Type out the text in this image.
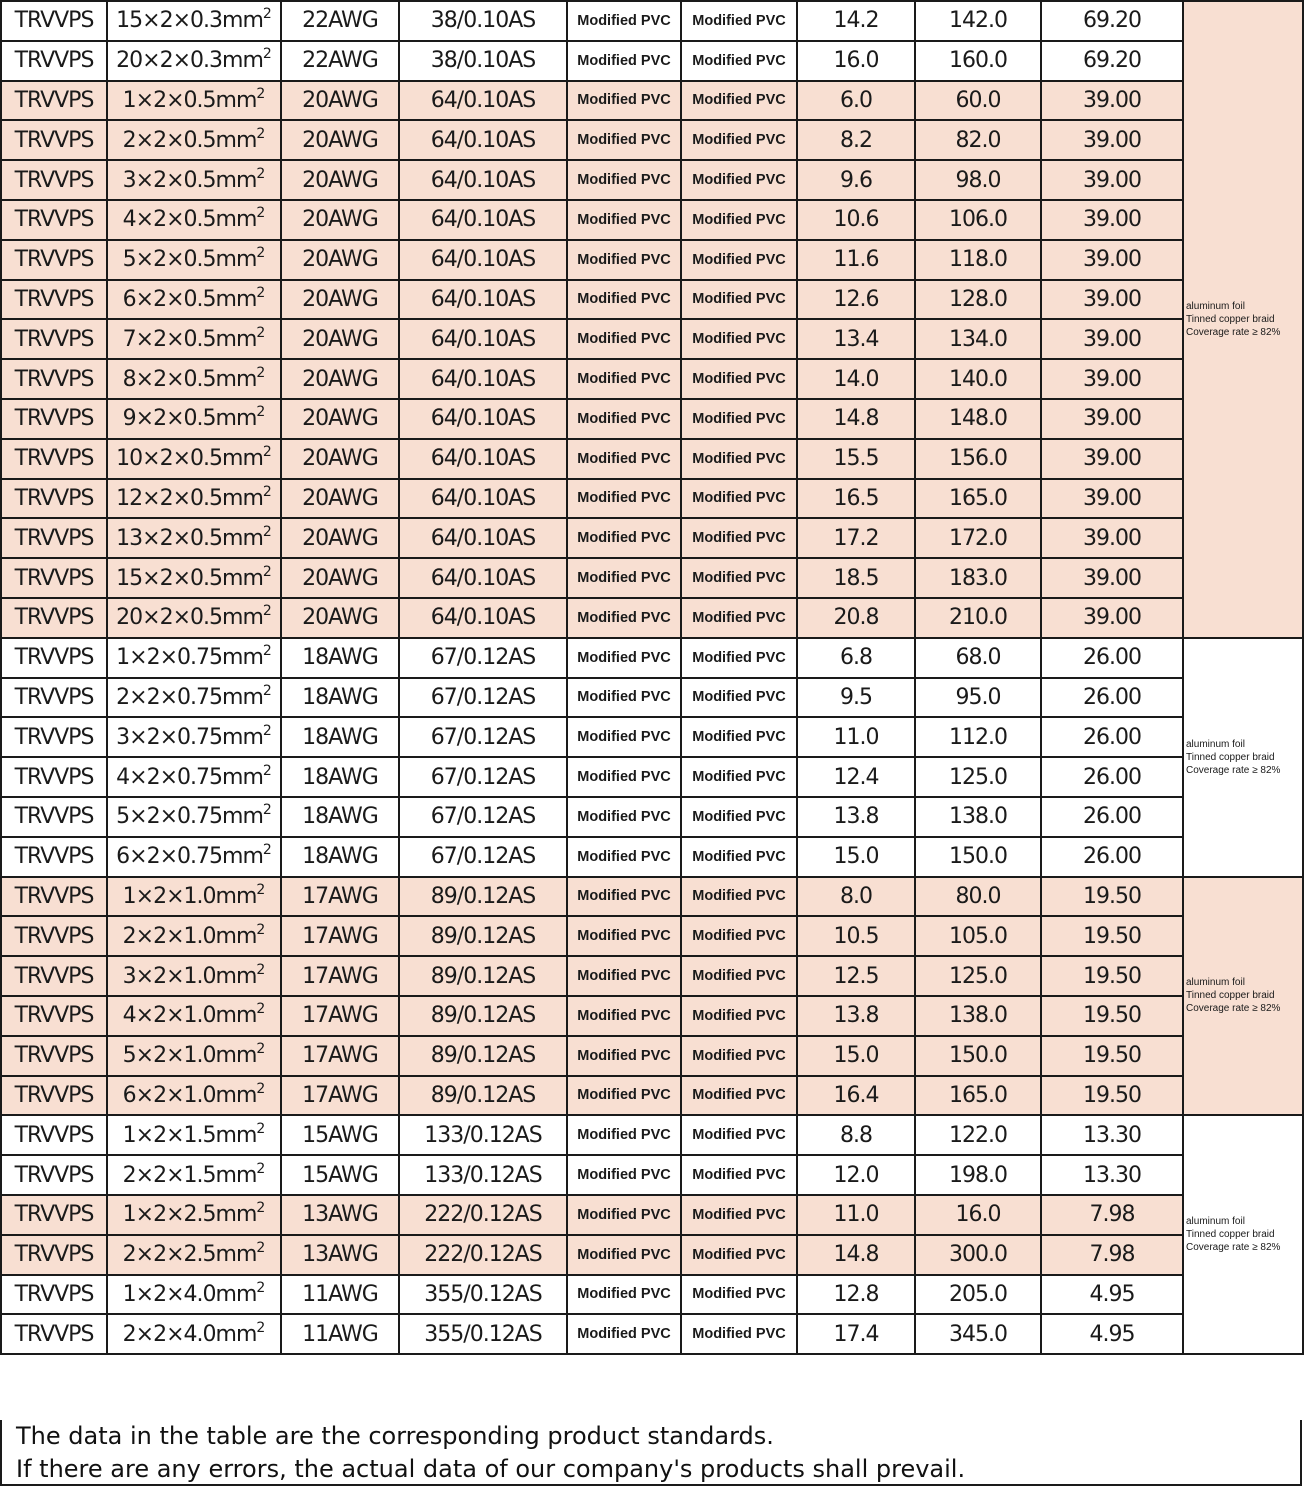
TRVVPS	$15\times 2\times 0.3mm^2$	22AWG	38/0.10AS	Modified PVC	Modified PVC	14.2	142.0	69.20	aluminum foil
Tinned copper braid
Coverage rate ≥ 82%

TRVVPS	$20\times 2\times 0.3mm^2$	22AWG	38/0.10AS	Modified PVC	Modified PVC	16.0	160.0	69.20	
TRVVPS	$1\times 2\times 0.5mm^2$	20AWG	64/0.10AS	Modified PVC	Modified PVC	6.0	60.0	39.00	
TRVVPS	$2\times 2\times 0.5mm^2$	20AWG	64/0.10AS	Modified PVC	Modified PVC	8.2	82.0	39.00	
TRVVPS	$3\times 2\times 0.5mm^2$	20AWG	64/0.10AS	Modified PVC	Modified PVC	9.6	98.0	39.00	
TRVVPS	$4\times 2\times 0.5mm^2$	20AWG	64/0.10AS	Modified PVC	Modified PVC	10.6	106.0	39.00	
TRVVPS	$5\times 2\times 0.5mm^2$	20AWG	64/0.10AS	Modified PVC	Modified PVC	11.6	118.0	39.00	
TRVVPS	$6\times 2\times 0.5mm^2$	20AWG	64/0.10AS	Modified PVC	Modified PVC	12.6	128.0	39.00	
TRVVPS	$7\times 2\times 0.5mm^2$	20AWG	64/0.10AS	Modified PVC	Modified PVC	13.4	134.0	39.00	
TRVVPS	$8\times 2\times 0.5mm^2$	20AWG	64/0.10AS	Modified PVC	Modified PVC	14.0	140.0	39.00	
TRVVPS	$9\times 2\times 0.5mm^2$	20AWG	64/0.10AS	Modified PVC	Modified PVC	14.8	148.0	39.00	
TRVVPS	$10\times 2\times 0.5mm^2$	20AWG	64/0.10AS	Modified PVC	Modified PVC	15.5	156.0	39.00	
TRVVPS	$12\times 2\times 0.5mm^2$	20AWG	64/0.10AS	Modified PVC	Modified PVC	16.5	165.0	39.00	
TRVVPS	$13\times 2\times 0.5mm^2$	20AWG	64/0.10AS	Modified PVC	Modified PVC	17.2	172.0	39.00	
TRVVPS	$15\times 2\times 0.5mm^2$	20AWG	64/0.10AS	Modified PVC	Modified PVC	18.5	183.0	39.00	
TRVVPS	$20\times 2\times 0.5mm^2$	20AWG	64/0.10AS	Modified PVC	Modified PVC	20.8	210.0	39.00	
TRVVPS	$1\times 2\times 0.75mm^2$	18AWG	67/0.12AS	Modified PVC	Modified PVC	6.8	68.0	26.00	aluminum foil
Tinned copper braid
Coverage rate ≥ 82%

TRVVPS	$2\times 2\times 0.75mm^2$	18AWG	67/0.12AS	Modified PVC	Modified PVC	9.5	95.0	26.00	
TRVVPS	$3\times 2\times 0.75mm^2$	18AWG	67/0.12AS	Modified PVC	Modified PVC	11.0	112.0	26.00	
TRVVPS	$4\times 2\times 0.75mm^2$	18AWG	67/0.12AS	Modified PVC	Modified PVC	12.4	125.0	26.00	
TRVVPS	$5\times 2\times 0.75mm^2$	18AWG	67/0.12AS	Modified PVC	Modified PVC	13.8	138.0	26.00	
TRVVPS	$6\times 2\times 0.75mm^2$	18AWG	67/0.12AS	Modified PVC	Modified PVC	15.0	150.0	26.00	
TRVVPS	$1\times 2\times 1.0mm^2$	17AWG	89/0.12AS	Modified PVC	Modified PVC	8.0	80.0	19.50	aluminum foil
Tinned copper braid
Coverage rate ≥ 82%

TRVVPS	$2\times 2\times 1.0mm^2$	17AWG	89/0.12AS	Modified PVC	Modified PVC	10.5	105.0	19.50	
TRVVPS	$3\times 2\times 1.0mm^2$	17AWG	89/0.12AS	Modified PVC	Modified PVC	12.5	125.0	19.50	
TRVVPS	$4\times 2\times 1.0mm^2$	17AWG	89/0.12AS	Modified PVC	Modified PVC	13.8	138.0	19.50	
TRVVPS	$5\times 2\times 1.0mm^2$	17AWG	89/0.12AS	Modified PVC	Modified PVC	15.0	150.0	19.50	
TRVVPS	$6\times 2\times 1.0mm^2$	17AWG	89/0.12AS	Modified PVC	Modified PVC	16.4	165.0	19.50	
TRVVPS	$1\times 2\times 1.5mm^2$	15AWG	133/0.12AS	Modified PVC	Modified PVC	8.8	122.0	13.30	aluminum foil
Tinned copper braid
Coverage rate ≥ 82%

TRVVPS	$2\times 2\times 1.5mm^2$	15AWG	133/0.12AS	Modified PVC	Modified PVC	12.0	198.0	13.30	
TRVVPS	$1\times 2\times 2.5mm^2$	13AWG	222/0.12AS	Modified PVC	Modified PVC	11.0	16.0	7.98	
TRVVPS	$2\times 2\times 2.5mm^2$	13AWG	222/0.12AS	Modified PVC	Modified PVC	14.8	300.0	7.98	
TRVVPS	$1\times 2\times 4.0mm^2$	11AWG	355/0.12AS	Modified PVC	Modified PVC	12.8	205.0	4.95	
TRVVPS	$2\times 2\times 4.0mm^2$	11AWG	355/0.12AS	Modified PVC	Modified PVC	17.4	345.0	4.95	
The data in the table are the corresponding product standards.
If there are any errors, the actual data of our company's products shall prevail.
